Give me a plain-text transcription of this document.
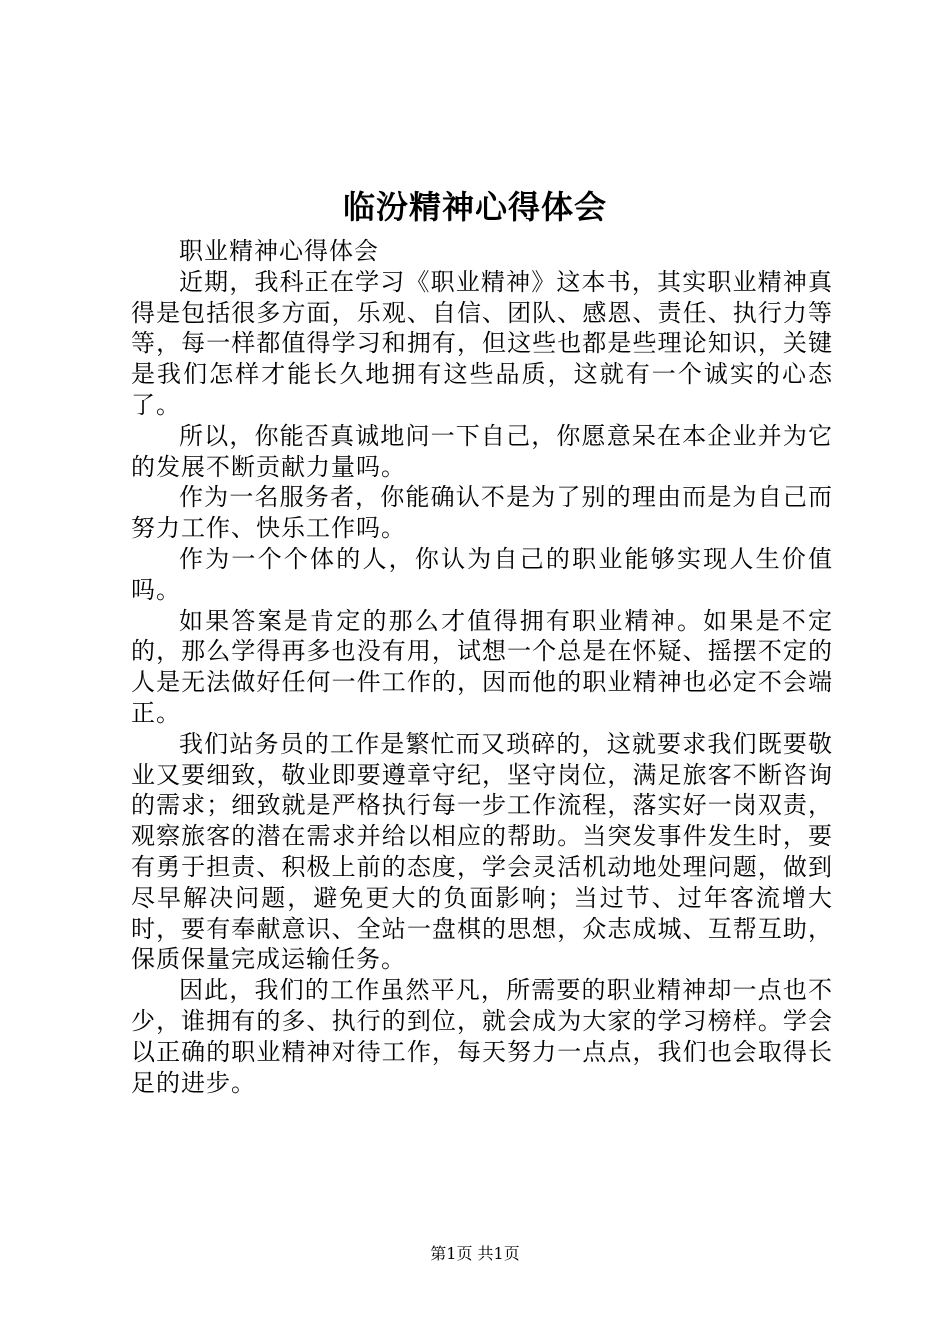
临汾精神心得体会

职业精神心得体会

近期，我科正在学习《职业精神》这本书，其实职业精神真得是包括很多方面，乐观、自信、团队、感恩、责任、执行力等等，每一样都值得学习和拥有，但这些也都是些理论知识，关键是我们怎样才能长久地拥有这些品质，这就有一个诚实的心态了。

所以，你能否真诚地问一下自己，你愿意呆在本企业并为它的发展不断贡献力量吗。

作为一名服务者，你能确认不是为了别的理由而是为自己而努力工作、快乐工作吗。

作为一个个体的人，你认为自己的职业能够实现人生价值吗。

如果答案是肯定的那么才值得拥有职业精神。如果是不定的，那么学得再多也没有用，试想一个总是在怀疑、摇摆不定的人是无法做好任何一件工作的，因而他的职业精神也必定不会端正。

我们站务员的工作是繁忙而又琐碎的，这就要求我们既要敬业又要细致，敬业即要遵章守纪，坚守岗位，满足旅客不断咨询的需求；细致就是严格执行每一步工作流程，落实好一岗双责，观察旅客的潜在需求并给以相应的帮助。当突发事件发生时，要有勇于担责、积极上前的态度，学会灵活机动地处理问题，做到尽早解决问题，避免更大的负面影响；当过节、过年客流增大时，要有奉献意识、全站一盘棋的思想，众志成城、互帮互助，保质保量完成运输任务。

因此，我们的工作虽然平凡，所需要的职业精神却一点也不少，谁拥有的多、执行的到位，就会成为大家的学习榜样。学会以正确的职业精神对待工作，每天努力一点点，我们也会取得长足的进步。

第1页 共1页
